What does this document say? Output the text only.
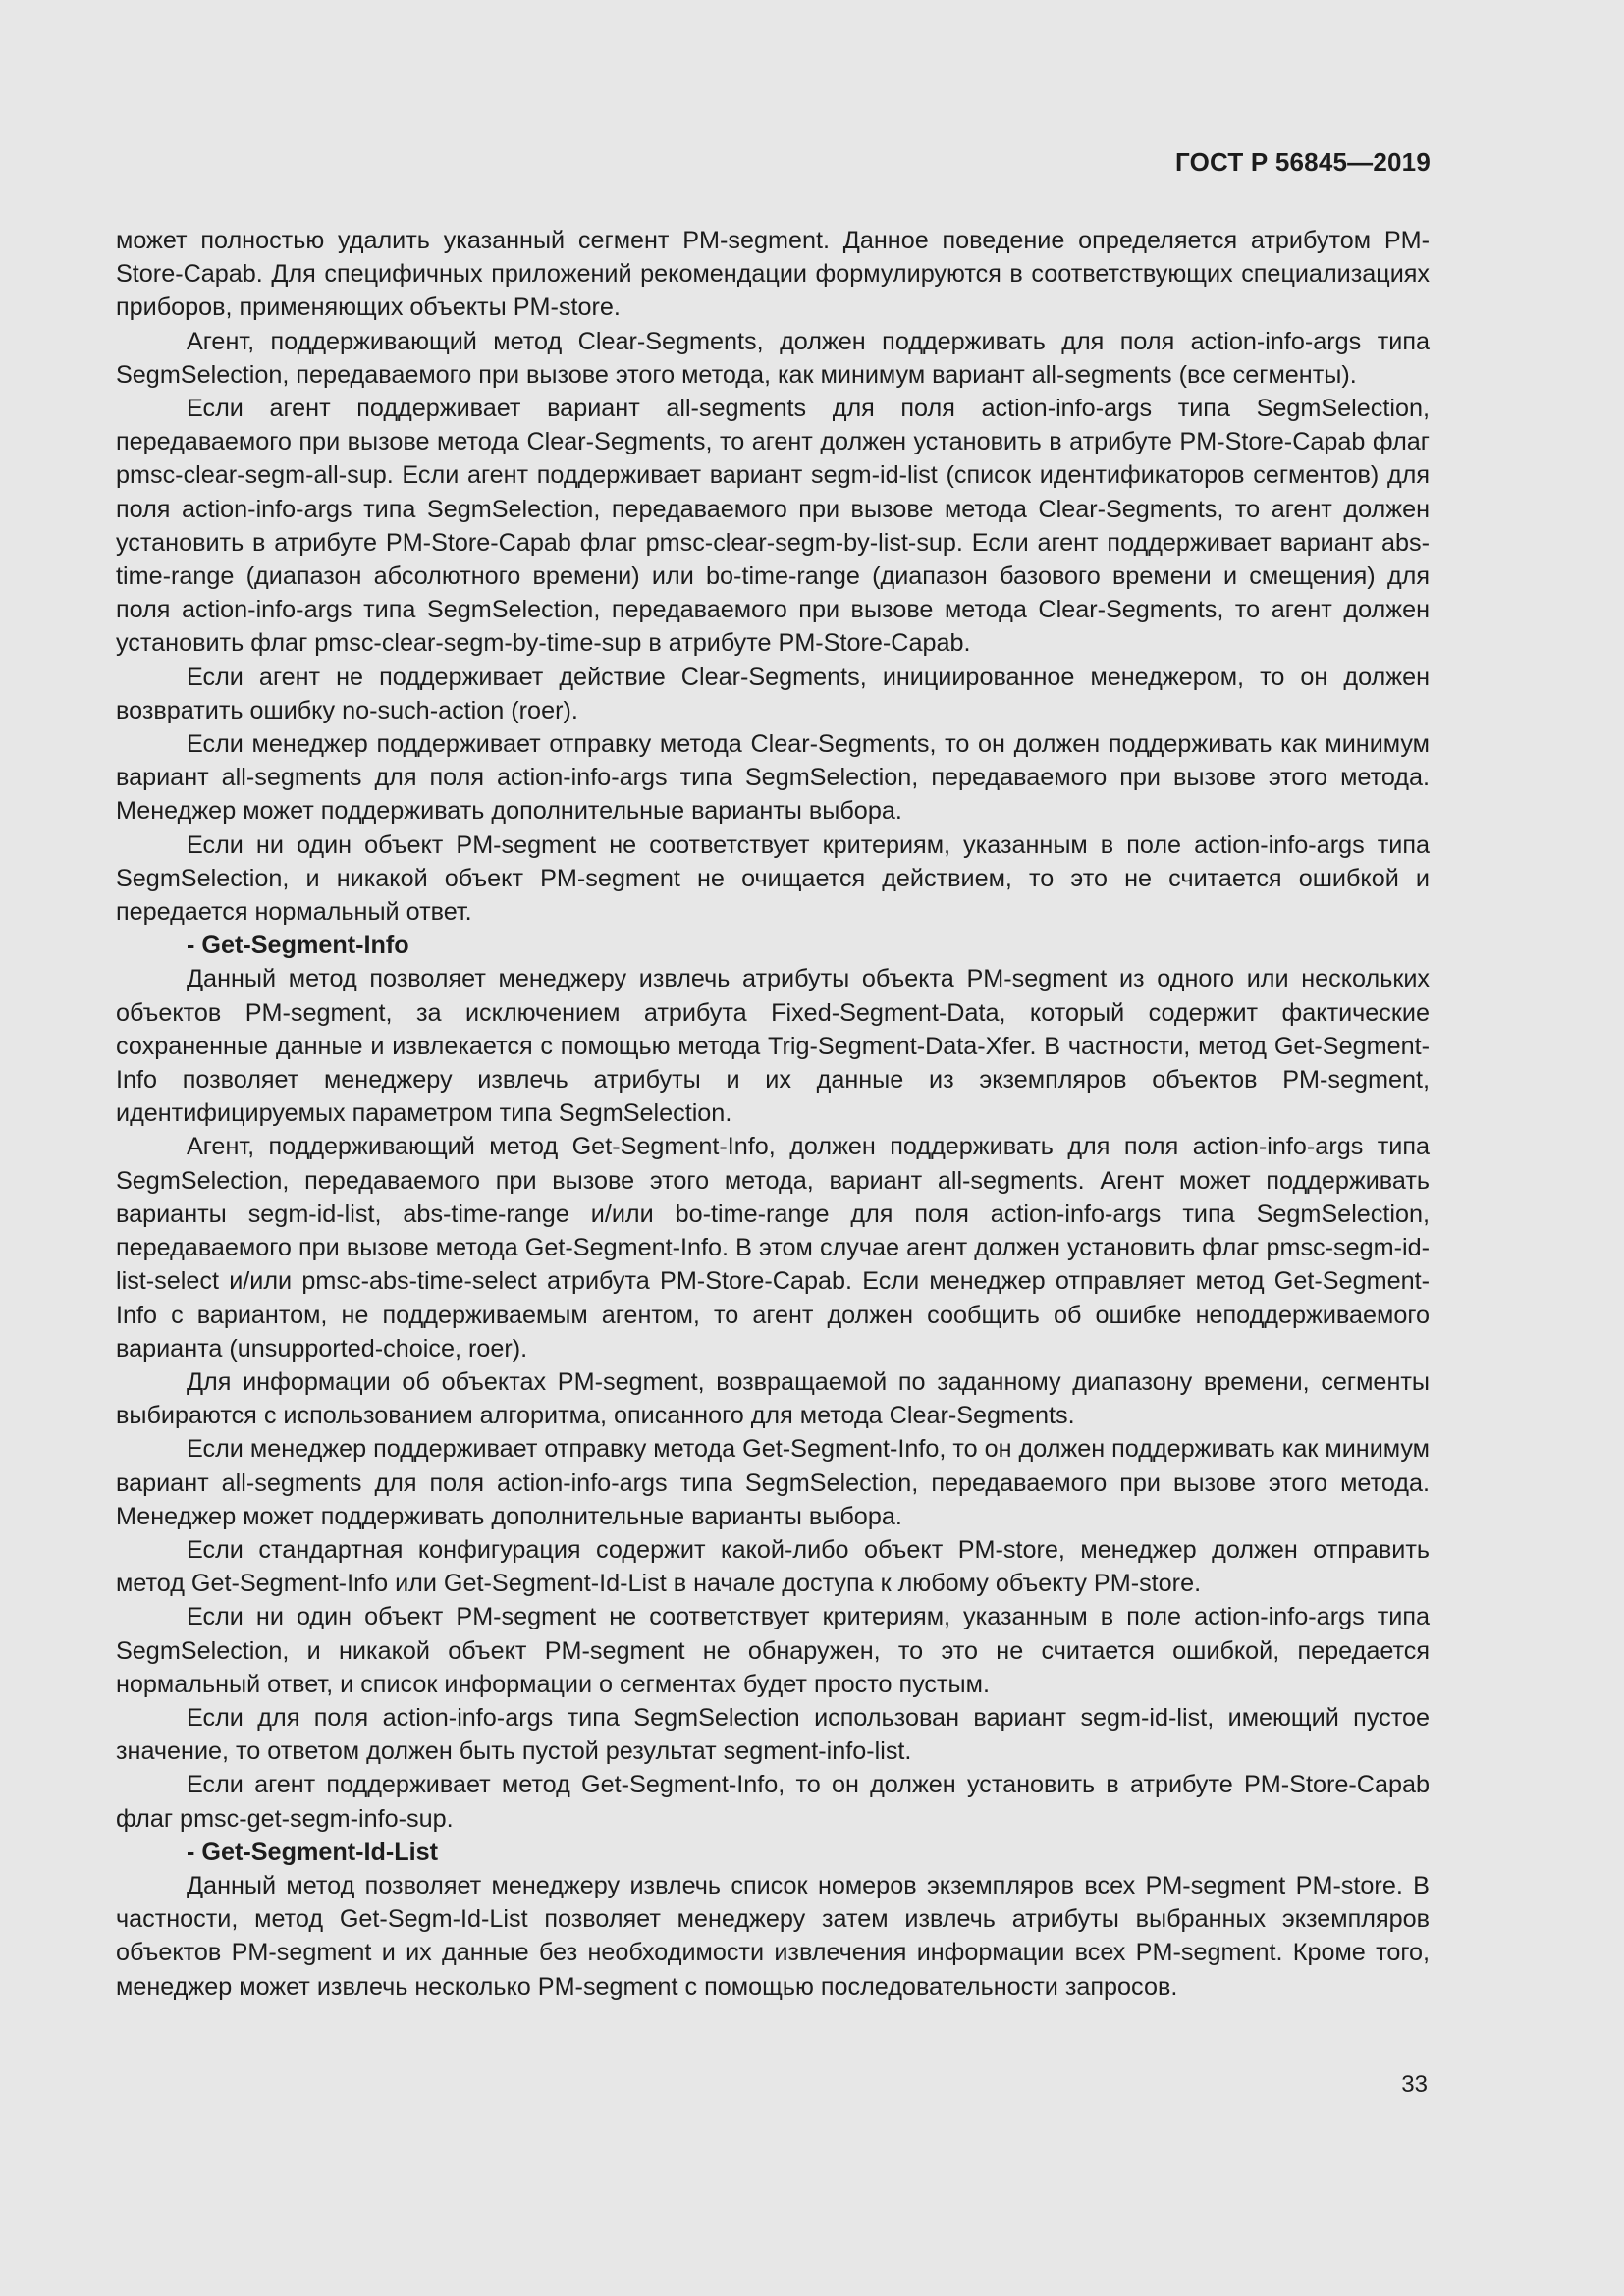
ГОСТ Р 56845—2019

может полностью удалить указанный сегмент PM-segment. Данное поведение определяется атрибутом PM-Store-Capab. Для специфичных приложений рекомендации формулируются в соответствующих специализациях приборов, применяющих объекты PM-store.

Агент, поддерживающий метод Clear-Segments, должен поддерживать для поля action-info-args типа SegmSelection, передаваемого при вызове этого метода, как минимум вариант all-segments (все сегменты).

Если агент поддерживает вариант all-segments для поля action-info-args типа SegmSelection, передаваемого при вызове метода Clear-Segments, то агент должен установить в атрибуте PM-Store-Capab флаг pmsc-clear-segm-all-sup. Если агент поддерживает вариант segm-id-list (список идентификаторов сегментов) для поля action-info-args типа SegmSelection, передаваемого при вызове метода Clear-Segments, то агент должен установить в атрибуте PM-Store-Capab флаг pmsc-clear-segm-by-list-sup. Если агент поддерживает вариант abs-time-range (диапазон абсолютного времени) или bo-time-range (диапазон базового времени и смещения) для поля action-info-args типа SegmSelection, передаваемого при вызове метода Clear-Segments, то агент должен установить флаг pmsc-clear-segm-by-time-sup в атрибуте PM-Store-Capab.

Если агент не поддерживает действие Clear-Segments, инициированное менеджером, то он должен возвратить ошибку no-such-action (roer).

Если менеджер поддерживает отправку метода Clear-Segments, то он должен поддерживать как минимум вариант all-segments для поля action-info-args типа SegmSelection, передаваемого при вызове этого метода. Менеджер может поддерживать дополнительные варианты выбора.

Если ни один объект PM-segment не соответствует критериям, указанным в поле action-info-args типа SegmSelection, и никакой объект PM-segment не очищается действием, то это не считается ошибкой и передается нормальный ответ.

- Get-Segment-Info

Данный метод позволяет менеджеру извлечь атрибуты объекта PM-segment из одного или нескольких объектов PM-segment, за исключением атрибута Fixed-Segment-Data, который содержит фактические сохраненные данные и извлекается с помощью метода Trig-Segment-Data-Xfer. В частности, метод Get-Segment-Info позволяет менеджеру извлечь атрибуты и их данные из экземпляров объектов PM-segment, идентифицируемых параметром типа SegmSelection.

Агент, поддерживающий метод Get-Segment-Info, должен поддерживать для поля action-info-args типа SegmSelection, передаваемого при вызове этого метода, вариант all-segments. Агент может поддерживать варианты segm-id-list, abs-time-range и/или bo-time-range для поля action-info-args типа SegmSelection, передаваемого при вызове метода Get-Segment-Info. В этом случае агент должен установить флаг pmsc-segm-id-list-select и/или pmsc-abs-time-select атрибута PM-Store-Capab. Если менеджер отправляет метод Get-Segment-Info с вариантом, не поддерживаемым агентом, то агент должен сообщить об ошибке неподдерживаемого варианта (unsupported-choice, roer).

Для информации об объектах PM-segment, возвращаемой по заданному диапазону времени, сегменты выбираются с использованием алгоритма, описанного для метода Clear-Segments.

Если менеджер поддерживает отправку метода Get-Segment-Info, то он должен поддерживать как минимум вариант all-segments для поля action-info-args типа SegmSelection, передаваемого при вызове этого метода. Менеджер может поддерживать дополнительные варианты выбора.

Если стандартная конфигурация содержит какой-либо объект PM-store, менеджер должен отправить метод Get-Segment-Info или Get-Segment-Id-List в начале доступа к любому объекту PM-store.

Если ни один объект PM-segment не соответствует критериям, указанным в поле action-info-args типа SegmSelection, и никакой объект PM-segment не обнаружен, то это не считается ошибкой, передается нормальный ответ, и список информации о сегментах будет просто пустым.

Если для поля action-info-args типа SegmSelection использован вариант segm-id-list, имеющий пустое значение, то ответом должен быть пустой результат segment-info-list.

Если агент поддерживает метод Get-Segment-Info, то он должен установить в атрибуте PM-Store-Capab флаг pmsc-get-segm-info-sup.

- Get-Segment-Id-List

Данный метод позволяет менеджеру извлечь список номеров экземпляров всех PM-segment PM-store. В частности, метод Get-Segm-Id-List позволяет менеджеру затем извлечь атрибуты выбранных экземпляров объектов PM-segment и их данные без необходимости извлечения информации всех PM-segment. Кроме того, менеджер может извлечь несколько PM-segment с помощью последовательности запросов.

33
